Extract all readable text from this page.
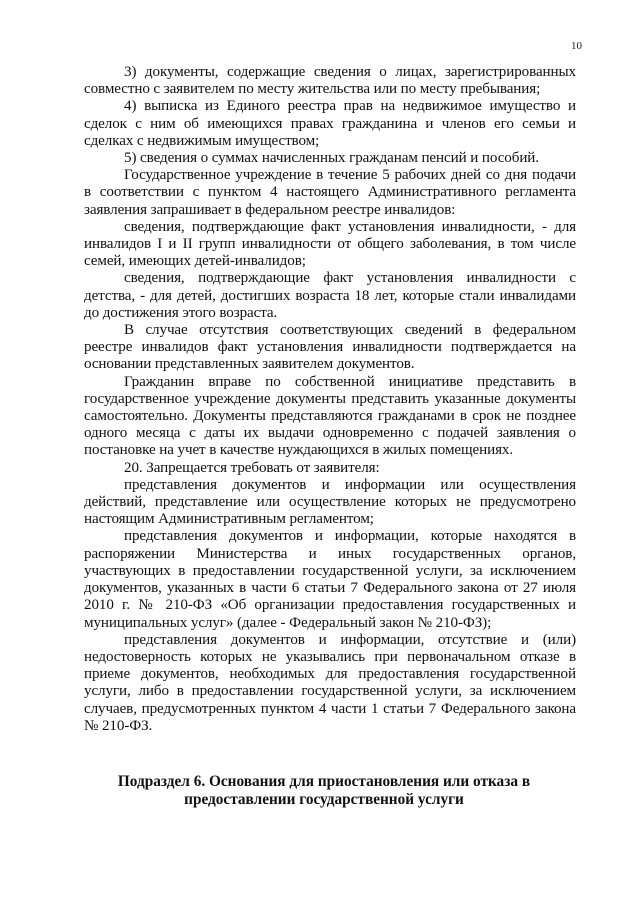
10

3) документы, содержащие сведения о лицах, зарегистрированных совместно с заявителем по месту жительства или по месту пребывания;

4) выписка из Единого реестра прав на недвижимое имущество и сделок с ним об имеющихся правах гражданина и членов его семьи и сделках с недвижимым имуществом;

5) сведения о суммах начисленных гражданам пенсий и пособий.

Государственное учреждение в течение 5 рабочих дней со дня подачи в соответствии с пунктом 4 настоящего Административного регламента заявления запрашивает в федеральном реестре инвалидов:

сведения, подтверждающие факт установления инвалидности, - для инвалидов I и II групп инвалидности от общего заболевания, в том числе семей, имеющих детей-инвалидов;

сведения, подтверждающие факт установления инвалидности с детства, - для детей, достигших возраста 18 лет, которые стали инвалидами до достижения этого возраста.

В случае отсутствия соответствующих сведений в федеральном реестре инвалидов факт установления инвалидности подтверждается на основании представленных заявителем документов.

Гражданин вправе по собственной инициативе представить в государственное учреждение документы представить указанные документы самостоятельно. Документы представляются гражданами в срок не позднее одного месяца с даты их выдачи одновременно с подачей заявления о постановке на учет в качестве нуждающихся в жилых помещениях.

20. Запрещается требовать от заявителя:

представления документов и информации или осуществления действий, представление или осуществление которых не предусмотрено настоящим Административным регламентом;

представления документов и информации, которые находятся в распоряжении Министерства и иных государственных органов, участвующих в предоставлении государственной услуги, за исключением документов, указанных в части 6 статьи 7 Федерального закона от 27 июля 2010 г. № 210-ФЗ «Об организации предоставления государственных и муниципальных услуг» (далее - Федеральный закон № 210-ФЗ);

представления документов и информации, отсутствие и (или) недостоверность которых не указывались при первоначальном отказе в приеме документов, необходимых для предоставления государственной услуги, либо в предоставлении государственной услуги, за исключением случаев, предусмотренных пунктом 4 части 1 статьи 7 Федерального закона № 210-ФЗ.

Подраздел 6. Основания для приостановления или отказа в
предоставлении государственной услуги
